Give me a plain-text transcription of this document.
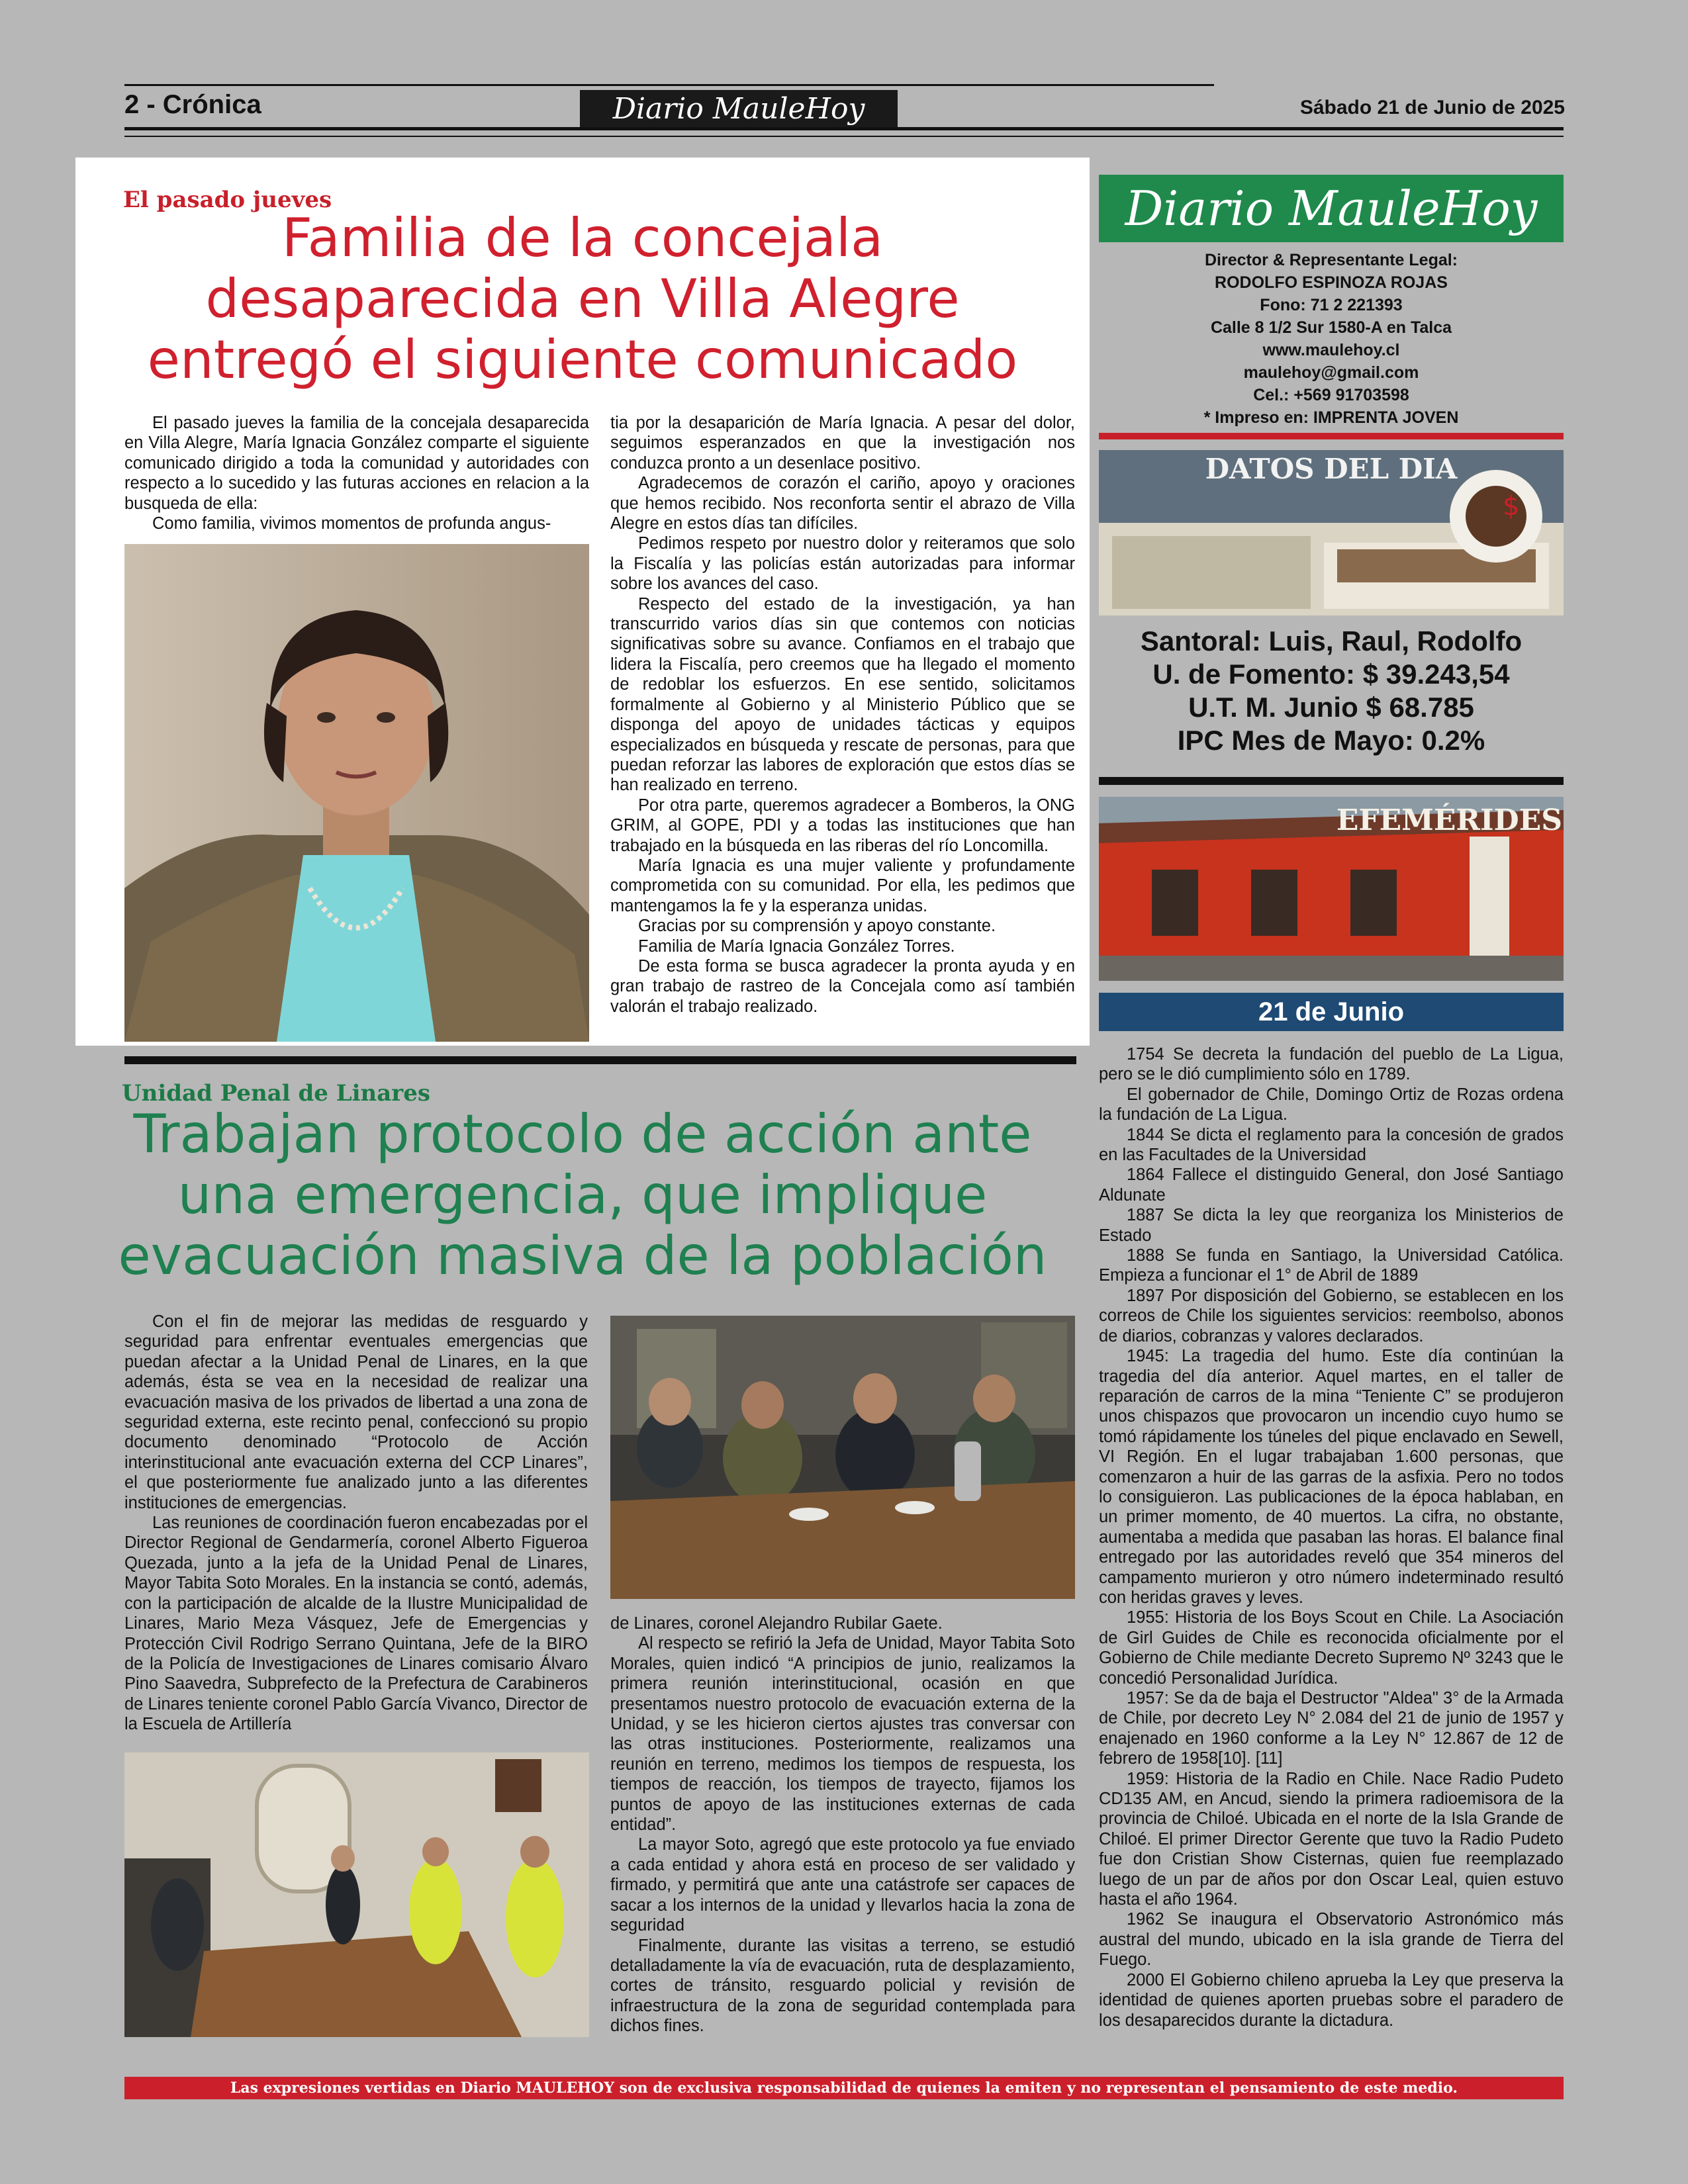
2 - Crónica	Diario MauleHoy	Sábado 21 de Junio de 2025
El pasado jueves
Familia de la concejala desaparecida en Villa Alegre entregó el siguiente comunicado

El pasado jueves la familia de la concejala desaparecida en Villa Alegre, María Ignacia González comparte el siguiente comunicado dirigido a toda la comunidad y autoridades con respecto a lo sucedido y las futuras acciones en relacion a la busqueda de ella:

Como familia, vivimos momentos de profunda angus-

tia por la desaparición de María Ignacia. A pesar del dolor, seguimos esperanzados en que la investigación nos conduzca pronto a un desenlace positivo.

Agradecemos de corazón el cariño, apoyo y oraciones que hemos recibido. Nos reconforta sentir el abrazo de Villa Alegre en estos días tan difíciles.

Pedimos respeto por nuestro dolor y reiteramos que solo la Fiscalía y las policías están autorizadas para informar sobre los avances del caso.

Respecto del estado de la investigación, ya han transcurrido varios días sin que contemos con noticias significativas sobre su avance. Confiamos en el trabajo que lidera la Fiscalía, pero creemos que ha llegado el momento de redoblar los esfuerzos. En ese sentido, solicitamos formalmente al Gobierno y al Ministerio Público que se disponga del apoyo de unidades tácticas y equipos especializados en búsqueda y rescate de personas, para que puedan reforzar las labores de exploración que estos días se han realizado en terreno.

Por otra parte, queremos agradecer a Bomberos, la ONG GRIM, al GOPE, PDI y a todas las instituciones que han trabajado en la búsqueda en las riberas del río Loncomilla.

María Ignacia es una mujer valiente y profundamente comprometida con su comunidad. Por ella, les pedimos que mantengamos la fe y la esperanza unidas.

Gracias por su comprensión y apoyo constante.

Familia de María Ignacia González Torres.

De esta forma se busca agradecer la pronta ayuda y en gran trabajo de rastreo de la Concejala como así también valorán el trabajo realizado.

Unidad Penal de Linares
Trabajan protocolo de acción ante una emergencia, que implique evacuación masiva de la población

Con el fin de mejorar las medidas de resguardo y seguridad para enfrentar eventuales emergencias que puedan afectar a la Unidad Penal de Linares, en la que además, ésta se vea en la necesidad de realizar una evacuación masiva de los privados de libertad a una zona de seguridad externa, este recinto penal, confeccionó su propio documento denominado “Protocolo de Acción interinstitucional ante evacuación externa del CCP Linares”, el que posteriormente fue analizado junto a las diferentes instituciones de emergencias.

Las reuniones de coordinación fueron encabezadas por el Director Regional de Gendarmería, coronel Alberto Figueroa Quezada, junto a la jefa de la Unidad Penal de Linares, Mayor Tabita Soto Morales. En la instancia se contó, además, con la participación de alcalde de la Ilustre Municipalidad de Linares, Mario Meza Vásquez, Jefe de Emergencias y Protección Civil Rodrigo Serrano Quintana, Jefe de la BIRO de la Policía de Investigaciones de Linares comisario Álvaro Pino Saavedra, Subprefecto de la Prefectura de Carabineros de Linares teniente coronel Pablo García Vivanco, Director de la Escuela de Artillería

de Linares, coronel Alejandro Rubilar Gaete.

Al respecto se refirió la Jefa de Unidad, Mayor Tabita Soto Morales, quien indicó “A principios de junio, realizamos la primera reunión interinstitucional, ocasión en que presentamos nuestro protocolo de evacuación externa de la Unidad, y se les hicieron ciertos ajustes tras conversar con las otras instituciones. Posteriormente, realizamos una reunión en terreno, medimos los tiempos de respuesta, los tiempos de reacción, los tiempos de trayecto, fijamos los puntos de apoyo de las instituciones externas de cada entidad”.

La mayor Soto, agregó que este protocolo ya fue enviado a cada entidad y ahora está en proceso de ser validado y firmado, y permitirá que ante una catástrofe ser capaces de sacar a los internos de la unidad y llevarlos hacia la zona de seguridad

Finalmente, durante las visitas a terreno, se estudió detalladamente la vía de evacuación, ruta de desplazamiento, cortes de tránsito, resguardo policial y revisión de infraestructura de la zona de seguridad contemplada para dichos fines.

Diario MauleHoy
Director & Representante Legal:
RODOLFO ESPINOZA ROJAS
Fono: 71 2 221393
Calle 8 1/2 Sur 1580-A en Talca
www.maulehoy.cl
maulehoy@gmail.com
Cel.: +569 91703598
* Impreso en: IMPRENTA JOVEN
$
DATOS DEL DIA
Santoral: Luis, Raul, Rodolfo
U. de Fomento: $ 39.243,54
U.T. M. Junio $ 68.785
IPC Mes de Mayo: 0.2%
EFEMÉRIDES
21 de Junio

1754 Se decreta la fundación del pueblo de La Ligua, pero se le dió cumplimiento sólo en 1789.

El gobernador de Chile, Domingo Ortiz de Rozas ordena la fundación de La Ligua.

1844 Se dicta el reglamento para la concesión de grados en las Facultades de la Universidad

1864 Fallece el distinguido General, don José Santiago Aldunate

1887 Se dicta la ley que reorganiza los Ministerios de Estado

1888 Se funda en Santiago, la Universidad Católica. Empieza a funcionar el 1° de Abril de 1889

1897 Por disposición del Gobierno, se establecen en los correos de Chile los siguientes servicios: reembolso, abonos de diarios, cobranzas y valores declarados.

1945: La tragedia del humo. Este día continúan la tragedia del día anterior. Aquel martes, en el taller de reparación de carros de la mina “Teniente C” se produjeron unos chispazos que provocaron un incendio cuyo humo se tomó rápidamente los túneles del pique enclavado en Sewell, VI Región. En el lugar trabajaban 1.600 personas, que comenzaron a huir de las garras de la asfixia. Pero no todos lo consiguieron. Las publicaciones de la época hablaban, en un primer momento, de 40 muertos. La cifra, no obstante, aumentaba a medida que pasaban las horas. El balance final entregado por las autoridades reveló que 354 mineros del campamento murieron y otro número indeterminado resultó con heridas graves y leves.

1955: Historia de los Boys Scout en Chile. La Asociación de Girl Guides de Chile es reconocida oficialmente por el Gobierno de Chile mediante Decreto Supremo Nº 3243 que le concedió Personalidad Jurídica.

1957: Se da de baja el Destructor "Aldea" 3° de la Armada de Chile, por decreto Ley N° 2.084 del 21 de junio de 1957 y enajenado en 1960 conforme a la Ley N° 12.867 de 12 de febrero de 1958[10]. [11]

1959: Historia de la Radio en Chile. Nace Radio Pudeto CD135 AM, en Ancud, siendo la primera radioemisora de la provincia de Chiloé. Ubicada en el norte de la Isla Grande de Chiloé. El primer Director Gerente que tuvo la Radio Pudeto fue don Cristian Show Cisternas, quien fue reemplazado luego de un par de años por don Oscar Leal, quien estuvo hasta el año 1964.

1962 Se inaugura el Observatorio Astronómico más austral del mundo, ubicado en la isla grande de Tierra del Fuego.

2000 El Gobierno chileno aprueba la Ley que preserva la identidad de quienes aporten pruebas sobre el paradero de los desaparecidos durante la dictadura.

Las expresiones vertidas en Diario MAULEHOY son de exclusiva responsabilidad de quienes la emiten y no representan el pensamiento de este medio.
